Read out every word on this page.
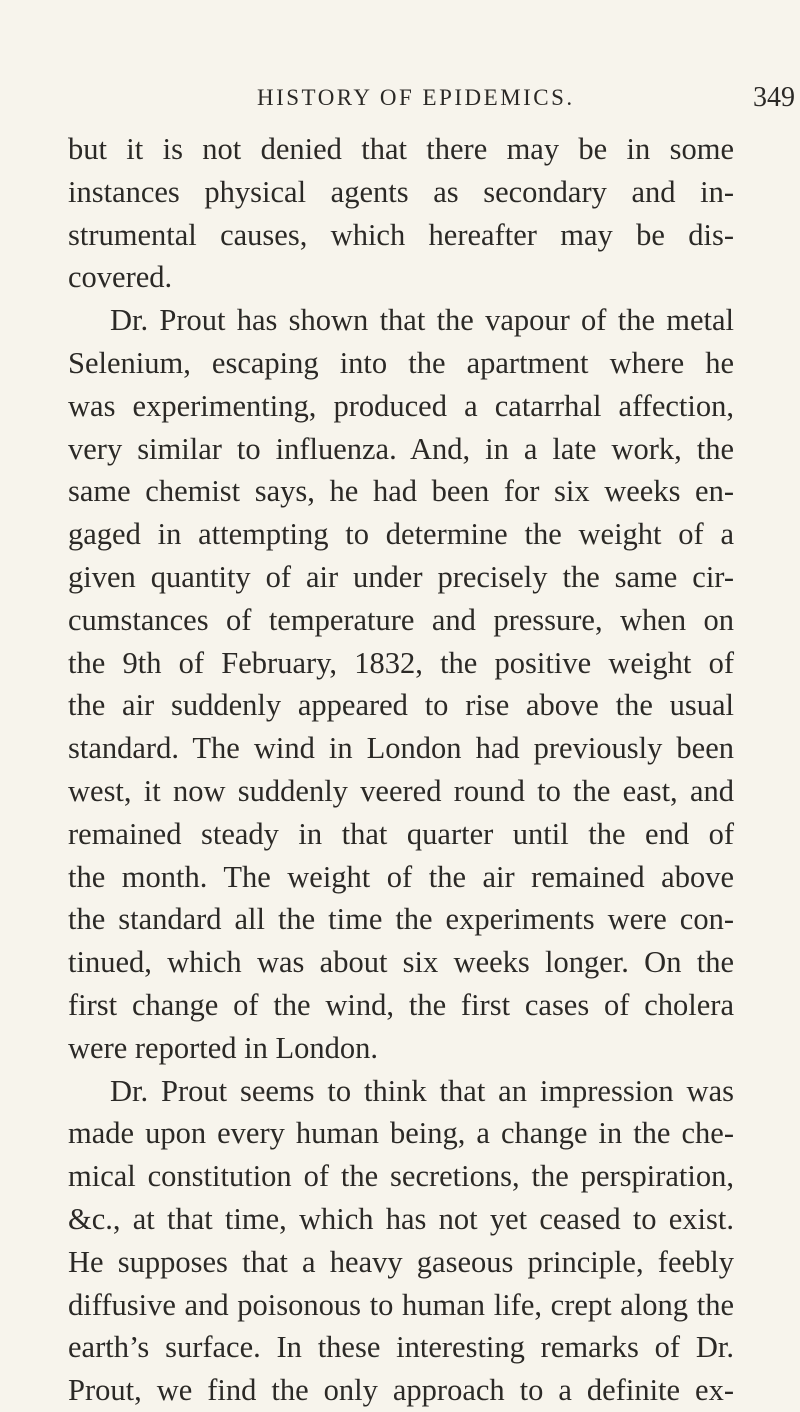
HISTORY OF EPIDEMICS.	349
but it is not denied that there may be in some
instances physical agents as secondary and in-
strumental causes, which hereafter may be dis-
covered.
Dr. Prout has shown that the vapour of the metal
Selenium, escaping into the apartment where he
was experimenting, produced a catarrhal affection,
very similar to influenza. And, in a late work, the
same chemist says, he had been for six weeks en-
gaged in attempting to determine the weight of a
given quantity of air under precisely the same cir-
cumstances of temperature and pressure, when on
the 9th of February, 1832, the positive weight of
the air suddenly appeared to rise above the usual
standard. The wind in London had previously been
west, it now suddenly veered round to the east, and
remained steady in that quarter until the end of
the month. The weight of the air remained above
the standard all the time the experiments were con-
tinued, which was about six weeks longer. On the
first change of the wind, the first cases of cholera
were reported in London.
Dr. Prout seems to think that an impression was
made upon every human being, a change in the che-
mical constitution of the secretions, the perspiration,
&c., at that time, which has not yet ceased to exist.
He supposes that a heavy gaseous principle, feebly
diffusive and poisonous to human life, crept along the
earth’s surface. In these interesting remarks of Dr.
Prout, we find the only approach to a definite ex-
